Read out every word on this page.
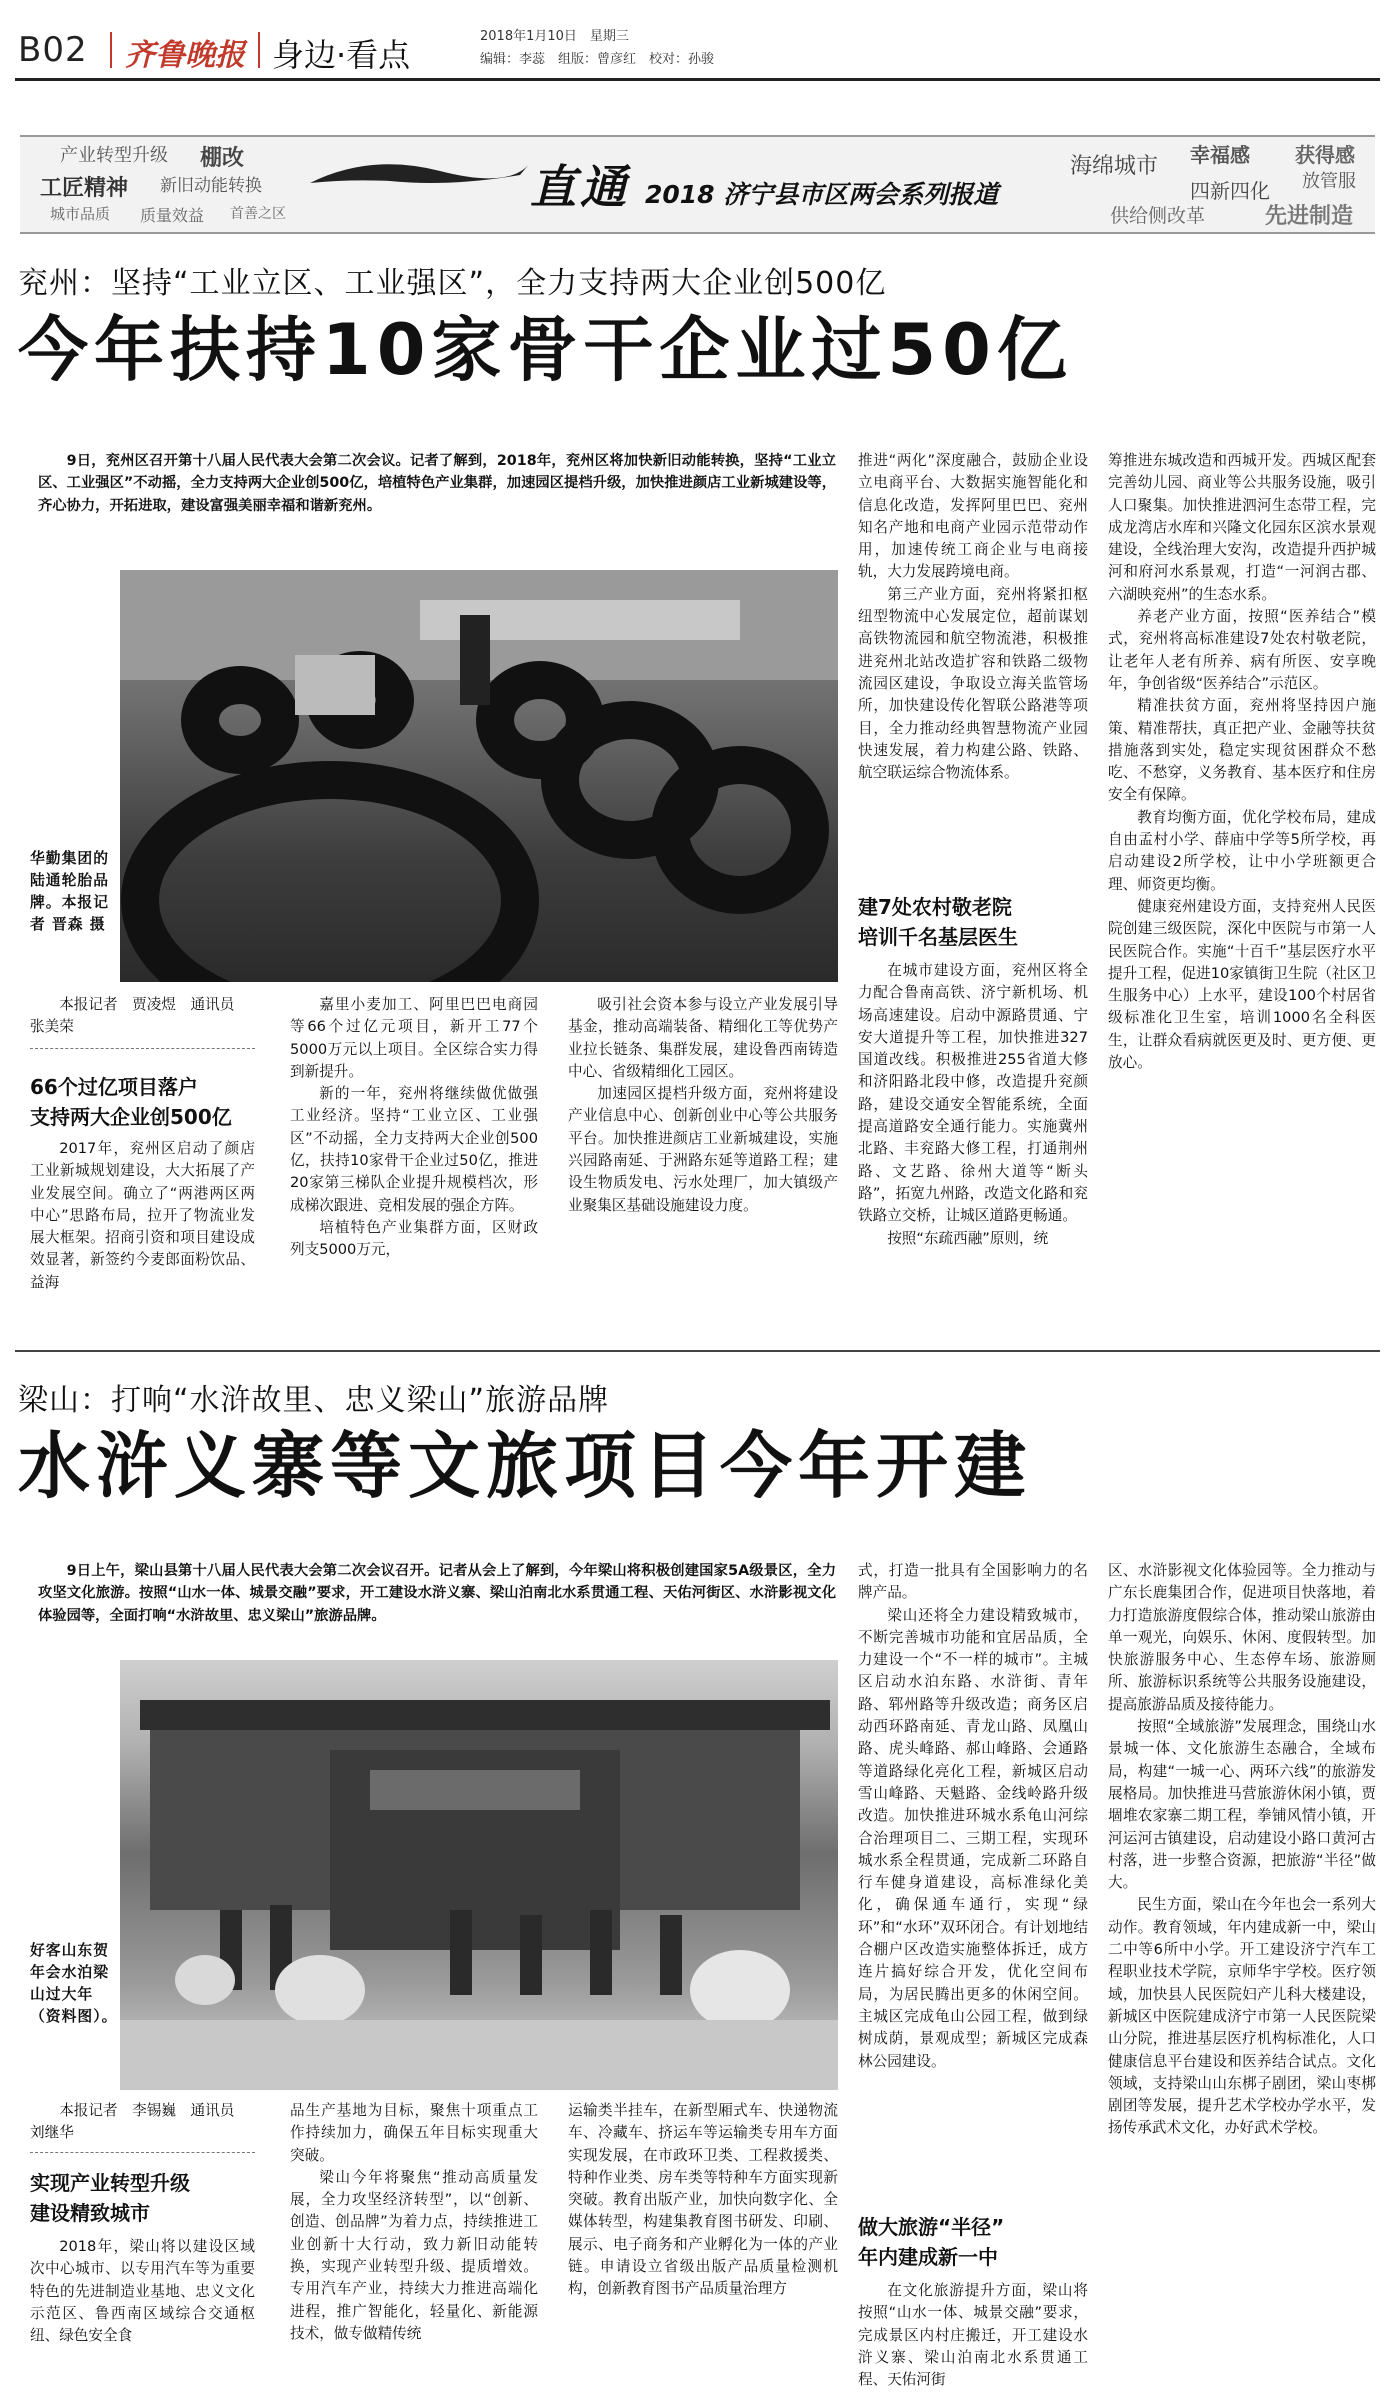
B02 齐鲁晚报 身边·看点	2018年1月10日　星期三
编辑：李蕊　组版：曾彦红　校对：孙骏
产业转型升级 棚改
工匠精神 新旧动能转换
城市品质 质量效益 首善之区	直通 2018 济宁县市区两会系列报道
海绵城市 幸福感 获得感
放管服
四新四化
供给侧改革	先进制造
兖州：坚持“工业立区、工业强区”，全力支持两大企业创500亿
今年扶持10家骨干企业过50亿

9日，兖州区召开第十八届人民代表大会第二次会议。记者了解到，2018年，兖州区将加快新旧动能转换，坚持“工业立区、工业强区”不动摇，全力支持两大企业创500亿，培植特色产业集群，加速园区提档升级，加快推进颜店工业新城建设等，齐心协力，开拓进取，建设富强美丽幸福和谐新兖州。

华勤集团的陆通轮胎品牌。本报记者 晋森 摄

本报记者　贾凌煜　通讯员　张美荣
66个过亿项目落户
支持两大企业创500亿

2017年，兖州区启动了颜店工业新城规划建设，大大拓展了产业发展空间。确立了“两港两区两中心”思路布局，拉开了物流业发展大框架。招商引资和项目建设成效显著，新签约今麦郎面粉饮品、益海

嘉里小麦加工、阿里巴巴电商园等66个过亿元项目，新开工77个5000万元以上项目。全区综合实力得到新提升。

新的一年，兖州将继续做优做强工业经济。坚持“工业立区、工业强区”不动摇，全力支持两大企业创500亿，扶持10家骨干企业过50亿，推进20家第三梯队企业提升规模档次，形成梯次跟进、竞相发展的强企方阵。

培植特色产业集群方面，区财政列支5000万元，

吸引社会资本参与设立产业发展引导基金，推动高端装备、精细化工等优势产业拉长链条、集群发展，建设鲁西南铸造中心、省级精细化工园区。

加速园区提档升级方面，兖州将建设产业信息中心、创新创业中心等公共服务平台。加快推进颜店工业新城建设，实施兴园路南延、于洲路东延等道路工程；建设生物质发电、污水处理厂，加大镇级产业聚集区基础设施建设力度。

推进“两化”深度融合，鼓励企业设立电商平台、大数据实施智能化和信息化改造，发挥阿里巴巴、兖州知名产地和电商产业园示范带动作用，加速传统工商企业与电商接轨，大力发展跨境电商。

第三产业方面，兖州将紧扣枢纽型物流中心发展定位，超前谋划高铁物流园和航空物流港，积极推进兖州北站改造扩容和铁路二级物流园区建设，争取设立海关监管场所，加快建设传化智联公路港等项目，全力推动经典智慧物流产业园快速发展，着力构建公路、铁路、航空联运综合物流体系。

建7处农村敬老院
培训千名基层医生

在城市建设方面，兖州区将全力配合鲁南高铁、济宁新机场、机场高速建设。启动中源路贯通、宁安大道提升等工程，加快推进327国道改线。积极推进255省道大修和济阳路北段中修，改造提升兖颜路，建设交通安全智能系统，全面提高道路安全通行能力。实施冀州北路、丰兖路大修工程，打通荆州路、文艺路、徐州大道等“断头路”，拓宽九州路，改造文化路和兖铁路立交桥，让城区道路更畅通。

按照“东疏西融”原则，统

筹推进东城改造和西城开发。西城区配套完善幼儿园、商业等公共服务设施，吸引人口聚集。加快推进泗河生态带工程，完成龙湾店水库和兴隆文化园东区滨水景观建设，全线治理大安沟，改造提升西护城河和府河水系景观，打造“一河润古郡、六湖映兖州”的生态水系。

养老产业方面，按照“医养结合”模式，兖州将高标准建设7处农村敬老院，让老年人老有所养、病有所医、安享晚年，争创省级“医养结合”示范区。

精准扶贫方面，兖州将坚持因户施策、精准帮扶，真正把产业、金融等扶贫措施落到实处，稳定实现贫困群众不愁吃、不愁穿，义务教育、基本医疗和住房安全有保障。

教育均衡方面，优化学校布局，建成自由孟村小学、薛庙中学等5所学校，再启动建设2所学校，让中小学班额更合理、师资更均衡。

健康兖州建设方面，支持兖州人民医院创建三级医院，深化中医院与市第一人民医院合作。实施“十百千”基层医疗水平提升工程，促进10家镇街卫生院（社区卫生服务中心）上水平，建设100个村居省级标准化卫生室，培训1000名全科医生，让群众看病就医更及时、更方便、更放心。

梁山：打响“水浒故里、忠义梁山”旅游品牌
水浒义寨等文旅项目今年开建

9日上午，梁山县第十八届人民代表大会第二次会议召开。记者从会上了解到，今年梁山将积极创建国家5A级景区，全力攻坚文化旅游。按照“山水一体、城景交融”要求，开工建设水浒义寨、梁山泊南北水系贯通工程、天佑河街区、水浒影视文化体验园等，全面打响“水浒故里、忠义梁山”旅游品牌。

好客山东贺年会水泊梁山过大年（资料图）。

本报记者　李锡巍　通讯员　刘继华
实现产业转型升级
建设精致城市

2018年，梁山将以建设区域次中心城市、以专用汽车等为重要特色的先进制造业基地、忠义文化示范区、鲁西南区域综合交通枢纽、绿色安全食

品生产基地为目标，聚焦十项重点工作持续加力，确保五年目标实现重大突破。

梁山今年将聚焦“推动高质量发展，全力攻坚经济转型”，以“创新、创造、创品牌”为着力点，持续推进工业创新十大行动，致力新旧动能转换，实现产业转型升级、提质增效。专用汽车产业，持续大力推进高端化进程，推广智能化，轻量化、新能源技术，做专做精传统

运输类半挂车，在新型厢式车、快递物流车、冷藏车、挤运车等运输类专用车方面实现发展，在市政环卫类、工程救援类、特种作业类、房车类等特种车方面实现新突破。教育出版产业，加快向数字化、全媒体转型，构建集教育图书研发、印刷、展示、电子商务和产业孵化为一体的产业链。申请设立省级出版产品质量检测机构，创新教育图书产品质量治理方

式，打造一批具有全国影响力的名牌产品。

梁山还将全力建设精致城市，不断完善城市功能和宜居品质，全力建设一个“不一样的城市”。主城区启动水泊东路、水浒街、青年路、郓州路等升级改造；商务区启动西环路南延、青龙山路、凤凰山路、虎头峰路、郝山峰路、会通路等道路绿化亮化工程，新城区启动雪山峰路、天魁路、金线岭路升级改造。加快推进环城水系龟山河综合治理项目二、三期工程，实现环城水系全程贯通，完成新二环路自行车健身道建设，高标准绿化美化，确保通车通行，实现“绿环”和“水环”双环闭合。有计划地结合棚户区改造实施整体拆迁，成方连片搞好综合开发，优化空间布局，为居民腾出更多的休闲空间。主城区完成龟山公园工程，做到绿树成荫，景观成型；新城区完成森林公园建设。

做大旅游“半径”
年内建成新一中

在文化旅游提升方面，梁山将按照“山水一体、城景交融”要求，完成景区内村庄搬迁，开工建设水浒义寨、梁山泊南北水系贯通工程、天佑河街

区、水浒影视文化体验园等。全力推动与广东长鹿集团合作，促进项目快落地，着力打造旅游度假综合体，推动梁山旅游由单一观光，向娱乐、休闲、度假转型。加快旅游服务中心、生态停车场、旅游厕所、旅游标识系统等公共服务设施建设，提高旅游品质及接待能力。

按照“全域旅游”发展理念，围绕山水景城一体、文化旅游生态融合，全域布局，构建“一城一心、两环六线”的旅游发展格局。加快推进马营旅游休闲小镇，贾堌堆农家寨二期工程，拳铺风情小镇，开河运河古镇建设，启动建设小路口黄河古村落，进一步整合资源，把旅游“半径”做大。

民生方面，梁山在今年也会一系列大动作。教育领域，年内建成新一中，梁山二中等6所中小学。开工建设济宁汽车工程职业技术学院，京师华宇学校。医疗领域，加快县人民医院妇产儿科大楼建设，新城区中医院建成济宁市第一人民医院梁山分院，推进基层医疗机构标准化，人口健康信息平台建设和医养结合试点。文化领域，支持梁山山东梆子剧团，梁山枣梆剧团等发展，提升艺术学校办学水平，发扬传承武术文化，办好武术学校。
